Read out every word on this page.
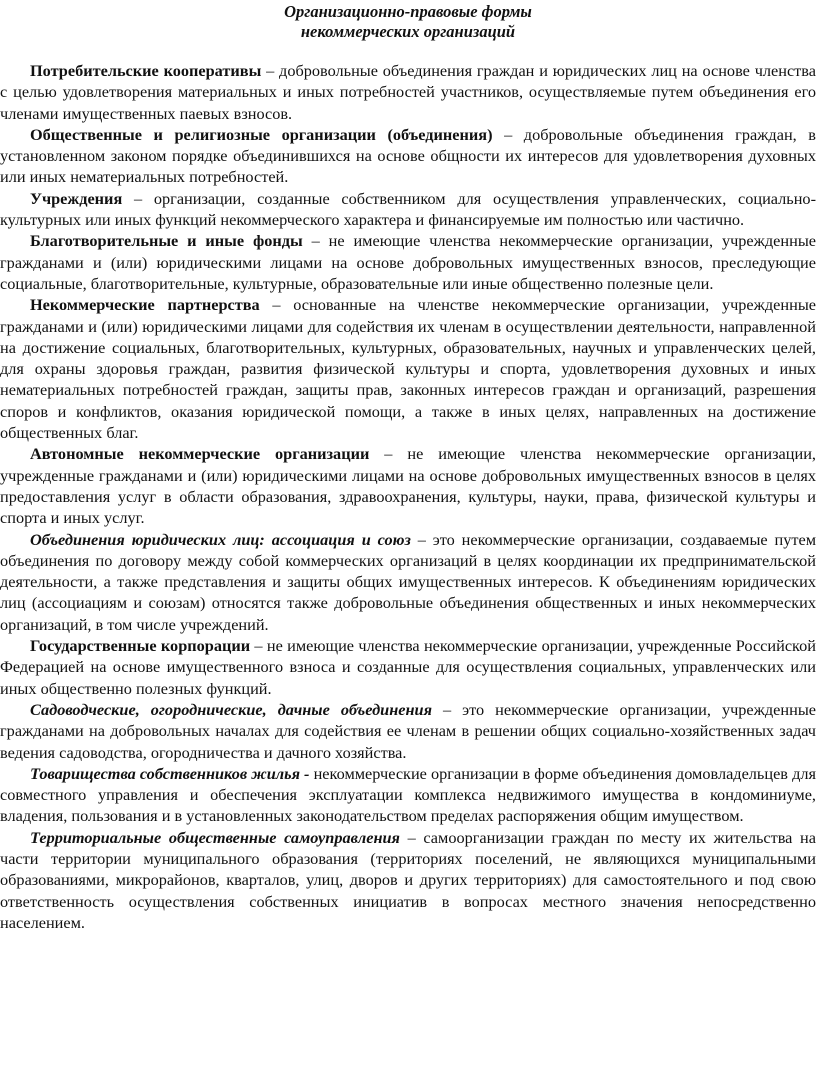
Организационно-правовые формы
некоммерческих организаций

Потребительские кооперативы – добровольные объединения граждан и юридических лиц на основе членства с целью удовлетворения материальных и иных потребностей участников, осуществляемые путем объединения его членами имущественных паевых взносов.

Общественные и религиозные организации (объединения) – добровольные объединения граждан, в установленном законом порядке объединившихся на основе общности их интересов для удовлетворения духовных или иных нематериальных потребностей.

Учреждения – организации, созданные собственником для осуществления управленческих, социально-культурных или иных функций некоммерческого характера и финансируемые им полностью или частично.

Благотворительные и иные фонды – не имеющие членства некоммерческие организации, учрежденные гражданами и (или) юридическими лицами на основе добровольных имущественных взносов, преследующие социальные, благотворительные, культурные, образовательные или иные общественно полезные цели.

Некоммерческие партнерства – основанные на членстве некоммерческие организации, учрежденные гражданами и (или) юридическими лицами для содействия их членам в осуществлении деятельности, направленной на достижение социальных, благотворительных, культурных, образовательных, научных и управленческих целей, для охраны здоровья граждан, развития физической культуры и спорта, удовлетворения духовных и иных нематериальных потребностей граждан, защиты прав, законных интересов граждан и организаций, разрешения споров и конфликтов, оказания юридической помощи, а также в иных целях, направленных на достижение общественных благ.

Автономные некоммерческие организации – не имеющие членства некоммерческие организации, учрежденные гражданами и (или) юридическими лицами на основе добровольных имущественных взносов в целях предоставления услуг в области образования, здравоохранения, культуры, науки, права, физической культуры и спорта и иных услуг.

Объединения юридических лиц: ассоциация и союз – это некоммерческие организации, создаваемые путем объединения по договору между собой коммерческих организаций в целях координации их предпринимательской деятельности, а также представления и защиты общих имущественных интересов. К объединениям юридических лиц (ассоциациям и союзам) относятся также добровольные объединения общественных и иных некоммерческих организаций, в том числе учреждений.

Государственные корпорации – не имеющие членства некоммерческие организации, учрежденные Российской Федерацией на основе имущественного взноса и созданные для осуществления социальных, управленческих или иных общественно полезных функций.

Садоводческие, огороднические, дачные объединения – это некоммерческие организации, учрежденные гражданами на добровольных началах для содействия ее членам в решении общих социально-хозяйственных задач ведения садоводства, огородничества и дачного хозяйства.

Товарищества собственников жилья - некоммерческие организации в форме объединения домовладельцев для совместного управления и обеспечения эксплуатации комплекса недвижимого имущества в кондоминиуме, владения, пользования и в установленных законодательством пределах распоряжения общим имуществом.

Территориальные общественные самоуправления – самоорганизации граждан по месту их жительства на части территории муниципального образования (территориях поселений, не являющихся муниципальными образованиями, микрорайонов, кварталов, улиц, дворов и других территориях) для самостоятельного и под свою ответственность осуществления собственных инициатив в вопросах местного значения непосредственно населением.
